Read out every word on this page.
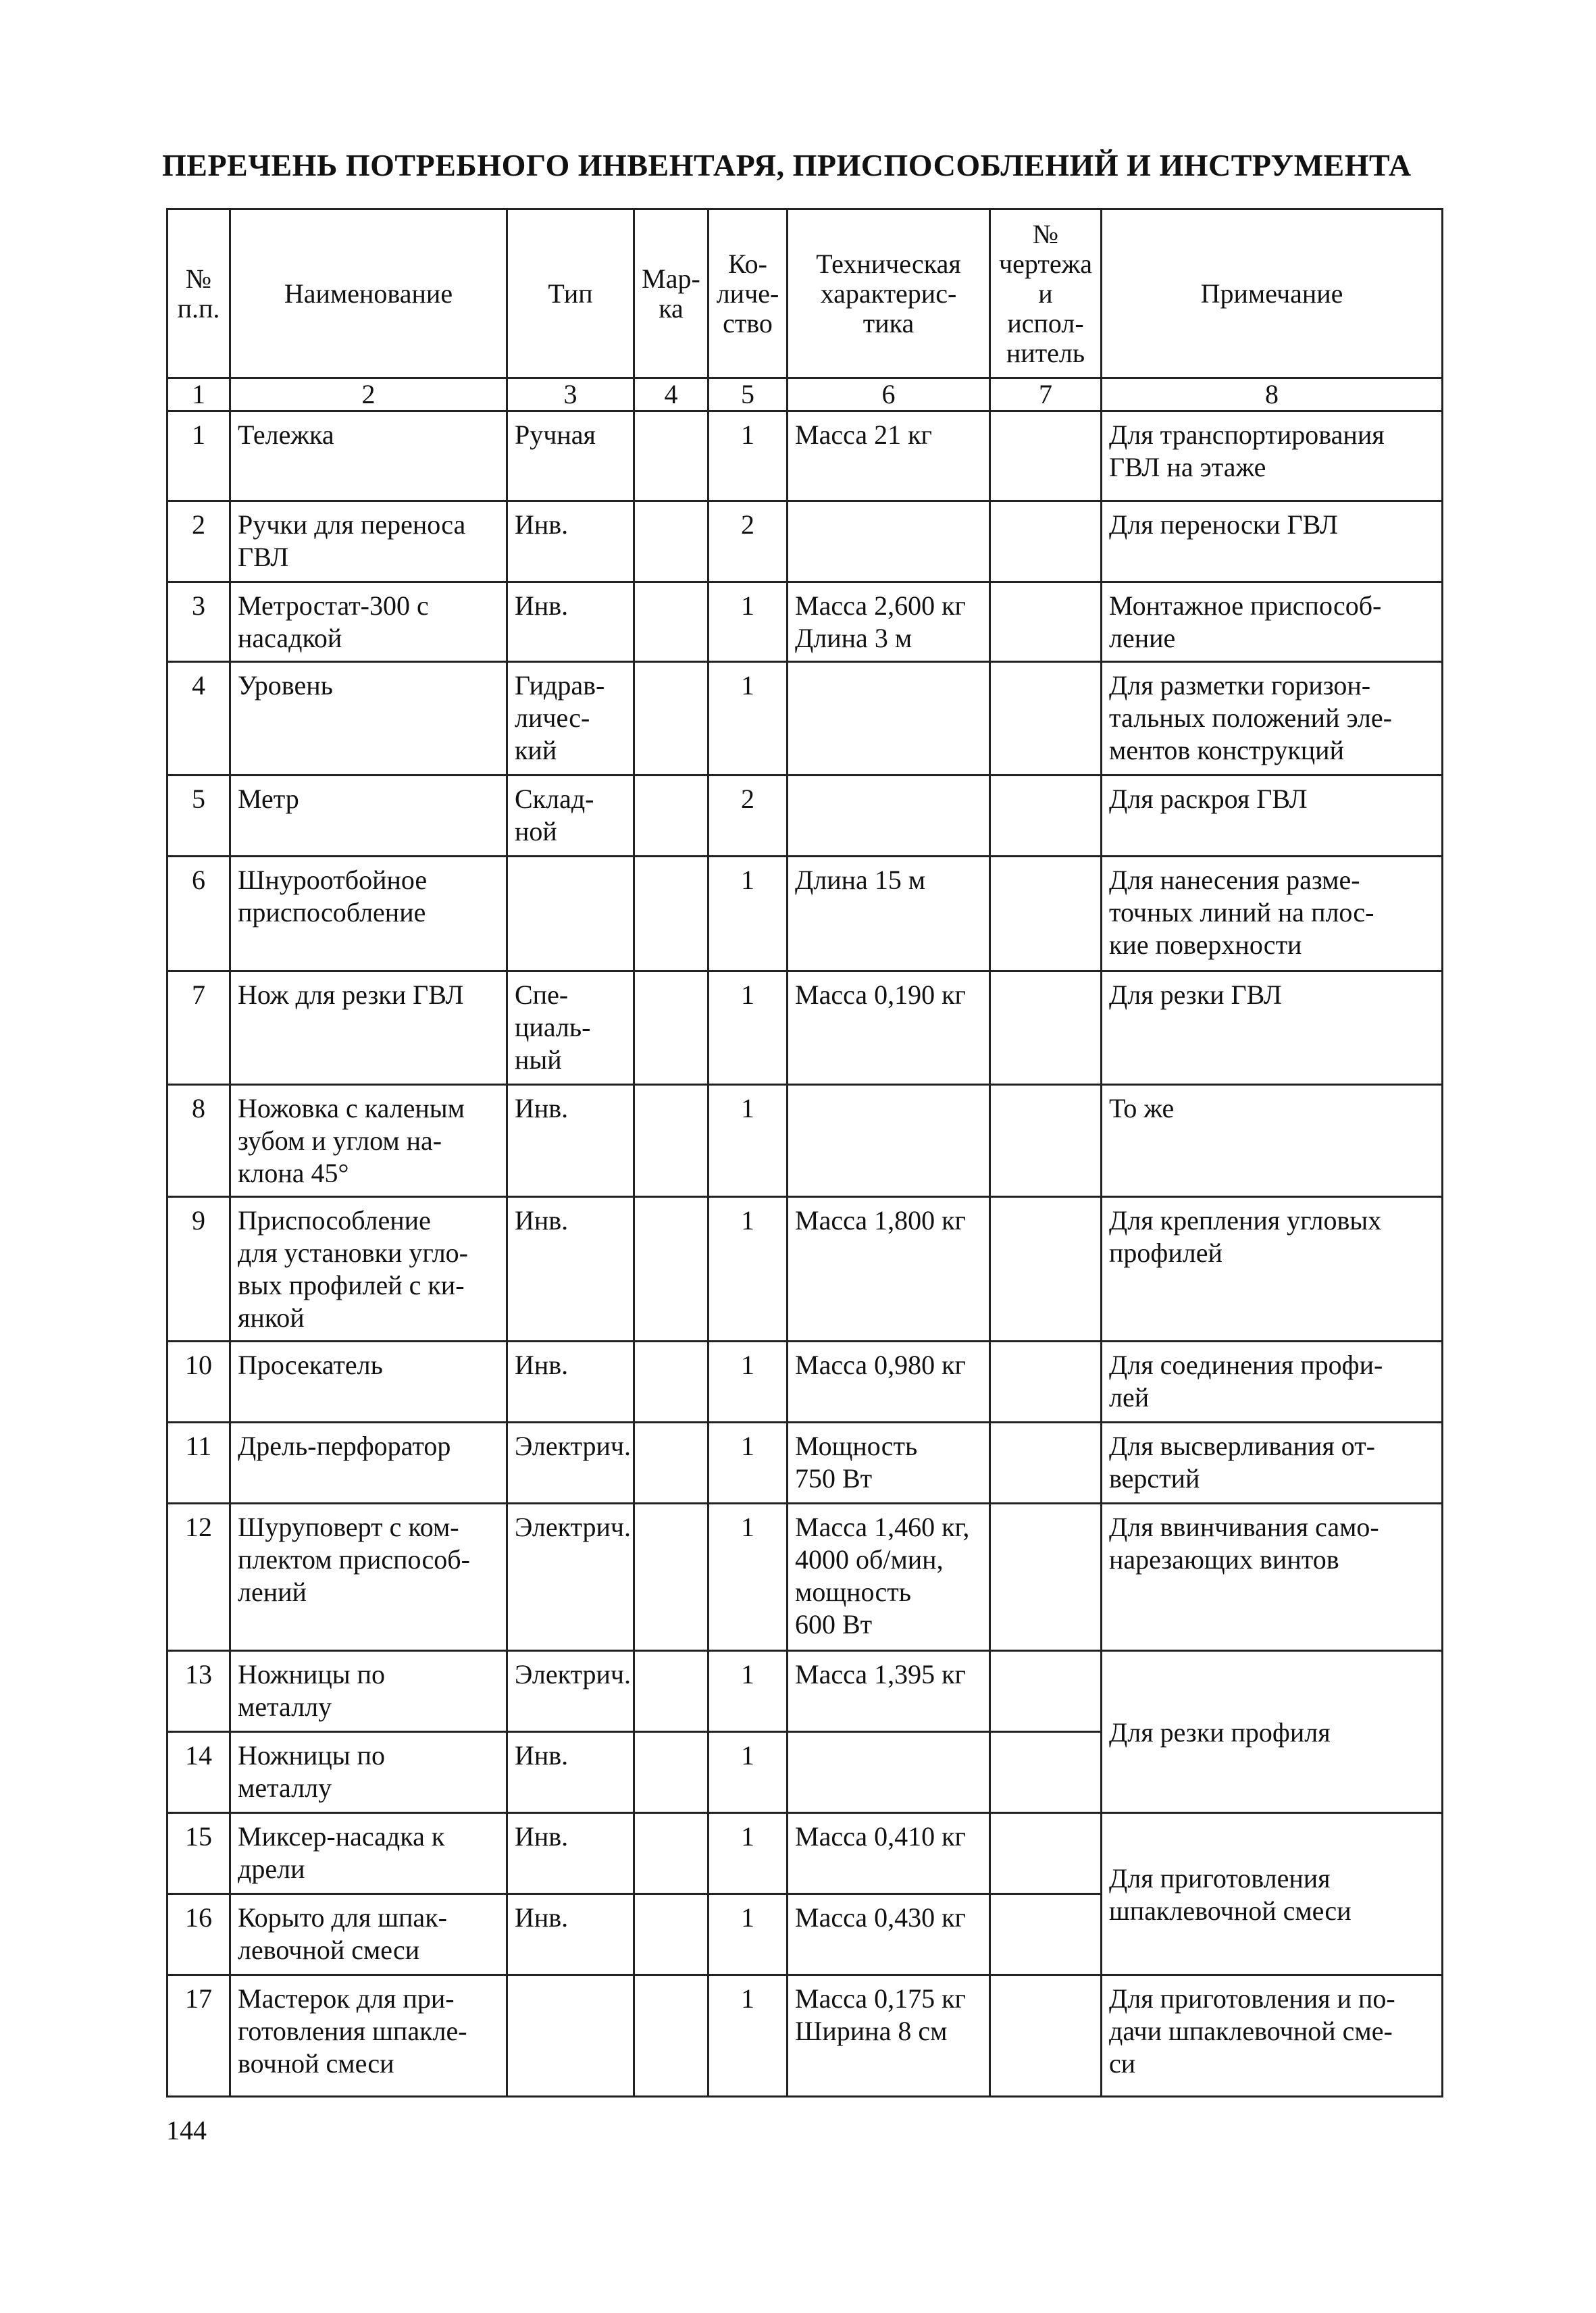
ПЕРЕЧЕНЬ ПОТРЕБНОГО ИНВЕНТАРЯ, ПРИСПОСОБЛЕНИЙ И ИНСТРУМЕНТА
№
п.п.	Наименование	Тип	Мар-
ка	Ко-
личе-
ство	Техническая
характерис-
тика	№
чертежа
и
испол-
нитель	Примечание
1	2	3	4	5	6	7	8
1	Тележка	Ручная		1	Масса 21 кг		Для транспортирования
ГВЛ на этаже
2	Ручки для переноса
ГВЛ	Инв.		2			Для переноски ГВЛ
3	Метростат-300 с
насадкой	Инв.		1	Масса 2,600 кг
Длина 3 м		Монтажное приспособ-
ление
4	Уровень	Гидрав-
личес-
кий		1			Для разметки горизон-
тальных положений эле-
ментов конструкций
5	Метр	Склад-
ной		2			Для раскроя ГВЛ
6	Шнуроотбойное
приспособление			1	Длина 15 м		Для нанесения разме-
точных линий на плос-
кие поверхности
7	Нож для резки ГВЛ	Спе-
циаль-
ный		1	Масса 0,190 кг		Для резки ГВЛ
8	Ножовка с каленым
зубом и углом на-
клона 45°	Инв.		1			То же
9	Приспособление
для установки угло-
вых профилей с ки-
янкой	Инв.		1	Масса 1,800 кг		Для крепления угловых
профилей
10	Просекатель	Инв.		1	Масса 0,980 кг		Для соединения профи-
лей
11	Дрель-перфоратор	Электрич.		1	Мощность
750 Вт		Для высверливания от-
верстий
12	Шуруповерт с ком-
плектом приспособ-
лений	Электрич.		1	Масса 1,460 кг,
4000 об/мин,
мощность
600 Вт		Для ввинчивания само-
нарезающих винтов
13	Ножницы по
металлу	Электрич.		1	Масса 1,395 кг		Для резки профиля
14	Ножницы по
металлу	Инв.		1			
15	Миксер-насадка к
дрели	Инв.		1	Масса 0,410 кг		Для приготовления
шпаклевочной смеси
16	Корыто для шпак-
левочной смеси	Инв.		1	Масса 0,430 кг		
17	Мастерок для при-
готовления шпакле-
вочной смеси			1	Масса 0,175 кг
Ширина 8 см		Для приготовления и по-
дачи шпаклевочной сме-
си
144
